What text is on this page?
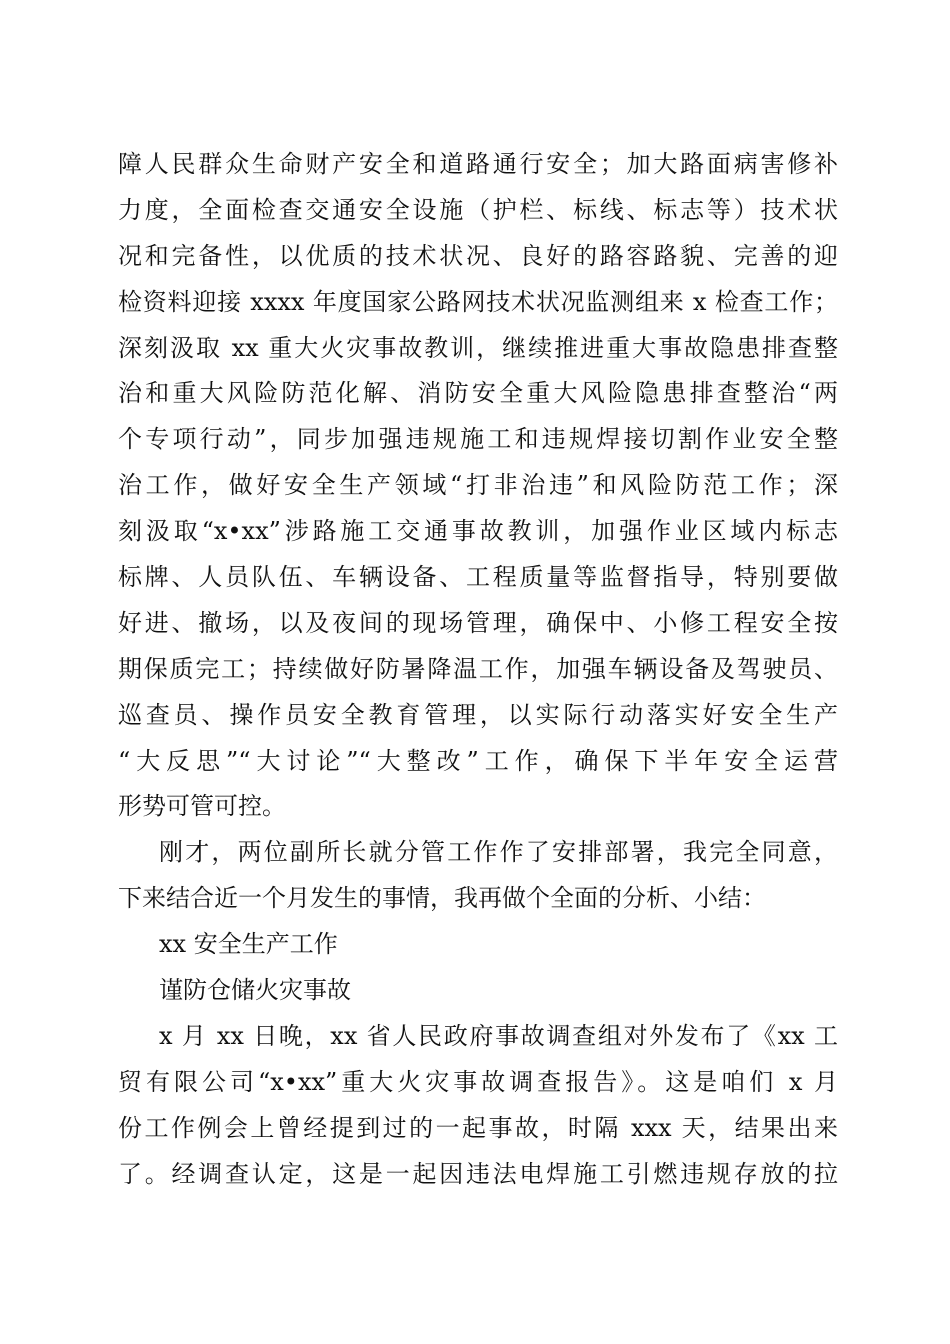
障人民群众生命财产安全和道路通行安全；加大路面病害修补
力度，全面检查交通安全设施（护栏、标线、标志等）技术状
况和完备性，以优质的技术状况、良好的路容路貌、完善的迎
检资料迎接 xxxx 年度国家公路网技术状况监测组来 x 检查工作；
深刻汲取 xx 重大火灾事故教训，继续推进重大事故隐患排查整
治和重大风险防范化解、消防安全重大风险隐患排查整治“两
个专项行动”，同步加强违规施工和违规焊接切割作业安全整
治工作，做好安全生产领域“打非治违”和风险防范工作；深
刻汲取“x•xx”涉路施工交通事故教训，加强作业区域内标志
标牌、人员队伍、车辆设备、工程质量等监督指导，特别要做
好进、撤场，以及夜间的现场管理，确保中、小修工程安全按
期保质完工；持续做好防暑降温工作，加强车辆设备及驾驶员、
巡查员、操作员安全教育管理，以实际行动落实好安全生产
“大反思”“大讨论”“大整改”工作，确保下半年安全运营
形势可管可控。
刚才，两位副所长就分管工作作了安排部署，我完全同意，
下来结合近一个月发生的事情，我再做个全面的分析、小结：
xx 安全生产工作
谨防仓储火灾事故
x 月 xx 日晚，xx 省人民政府事故调查组对外发布了《xx 工
贸有限公司“x•xx”重大火灾事故调查报告》。这是咱们 x 月
份工作例会上曾经提到过的一起事故，时隔 xxx 天，结果出来
了。经调查认定，这是一起因违法电焊施工引燃违规存放的拉
